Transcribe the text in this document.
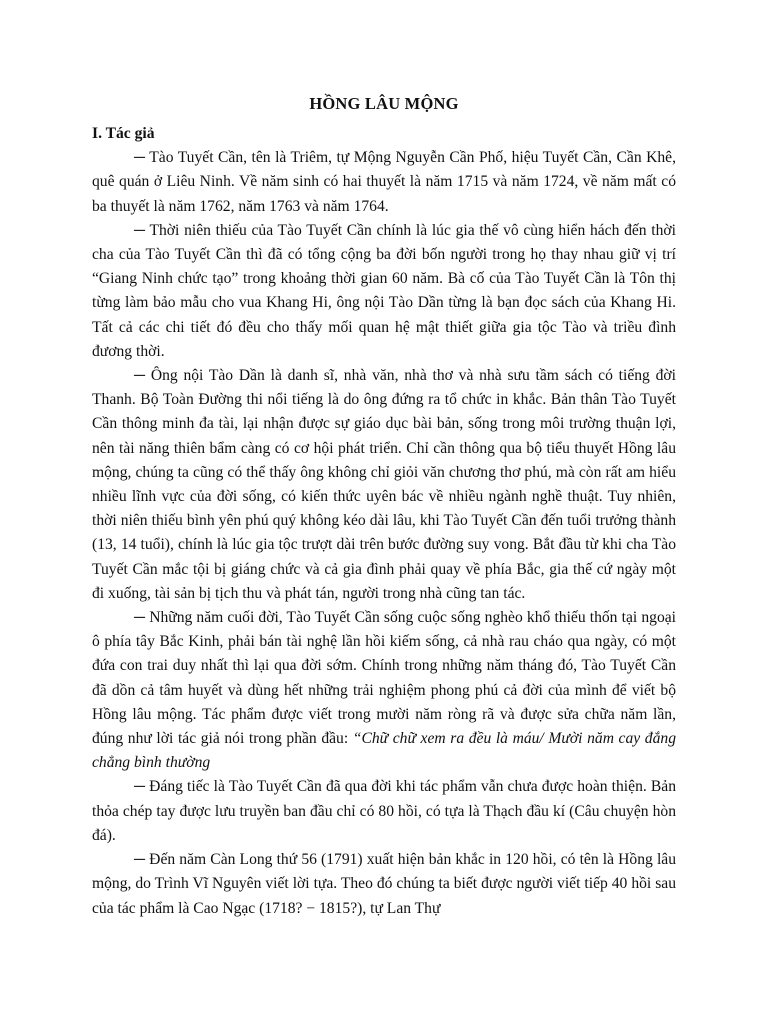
HỒNG LÂU MỘNG
I. Tác giả

─ Tào Tuyết Cần, tên là Triêm, tự Mộng Nguyễn Cần Phố, hiệu Tuyết Cần, Cần Khê, quê quán ở Liêu Ninh. Về năm sinh có hai thuyết là năm 1715 và năm 1724, về năm mất có ba thuyết là năm 1762, năm 1763 và năm 1764.

─ Thời niên thiếu của Tào Tuyết Cần chính là lúc gia thế vô cùng hiển hách đến thời cha của Tào Tuyết Cần thì đã có tổng cộng ba đời bốn người trong họ thay nhau giữ vị trí “Giang Ninh chức tạo” trong khoảng thời gian 60 năm. Bà cố của Tào Tuyết Cần là Tôn thị từng làm bảo mẫu cho vua Khang Hi, ông nội Tào Dần từng là bạn đọc sách của Khang Hi. Tất cả các chi tiết đó đều cho thấy mối quan hệ mật thiết giữa gia tộc Tào và triều đình đương thời.

─ Ông nội Tào Dần là danh sĩ, nhà văn, nhà thơ và nhà sưu tầm sách có tiếng đời Thanh. Bộ Toàn Đường thi nổi tiếng là do ông đứng ra tổ chức in khắc. Bản thân Tào Tuyết Cần thông minh đa tài, lại nhận được sự giáo dục bài bản, sống trong môi trường thuận lợi, nên tài năng thiên bẩm càng có cơ hội phát triển. Chỉ cần thông qua bộ tiểu thuyết Hồng lâu mộng, chúng ta cũng có thể thấy ông không chỉ giỏi văn chương thơ phú, mà còn rất am hiểu nhiều lĩnh vực của đời sống, có kiến thức uyên bác về nhiều ngành nghề thuật. Tuy nhiên, thời niên thiếu bình yên phú quý không kéo dài lâu, khi Tào Tuyết Cần đến tuổi trưởng thành (13, 14 tuổi), chính là lúc gia tộc trượt dài trên bước đường suy vong. Bắt đầu từ khi cha Tào Tuyết Cần mắc tội bị giáng chức và cả gia đình phải quay về phía Bắc, gia thế cứ ngày một đi xuống, tài sản bị tịch thu và phát tán, người trong nhà cũng tan tác.

─ Những năm cuối đời, Tào Tuyết Cần sống cuộc sống nghèo khổ thiếu thốn tại ngoại ô phía tây Bắc Kinh, phải bán tài nghệ lần hồi kiếm sống, cả nhà rau cháo qua ngày, có một đứa con trai duy nhất thì lại qua đời sớm. Chính trong những năm tháng đó, Tào Tuyết Cần đã dồn cả tâm huyết và dùng hết những trải nghiệm phong phú cả đời của mình để viết bộ Hồng lâu mộng. Tác phẩm được viết trong mười năm ròng rã và được sửa chữa năm lần, đúng như lời tác giả nói trong phần đầu: “Chữ chữ xem ra đều là máu/ Mười năm cay đắng chẳng bình thường

─ Đáng tiếc là Tào Tuyết Cần đã qua đời khi tác phẩm vẫn chưa được hoàn thiện. Bản thỏa chép tay được lưu truyền ban đầu chỉ có 80 hồi, có tựa là Thạch đầu kí (Câu chuyện hòn đá).

─ Đến năm Càn Long thứ 56 (1791) xuất hiện bản khắc in 120 hồi, có tên là Hồng lâu mộng, do Trình Vĩ Nguyên viết lời tựa. Theo đó chúng ta biết được người viết tiếp 40 hồi sau của tác phẩm là Cao Ngạc (1718? − 1815?), tự Lan Thự
